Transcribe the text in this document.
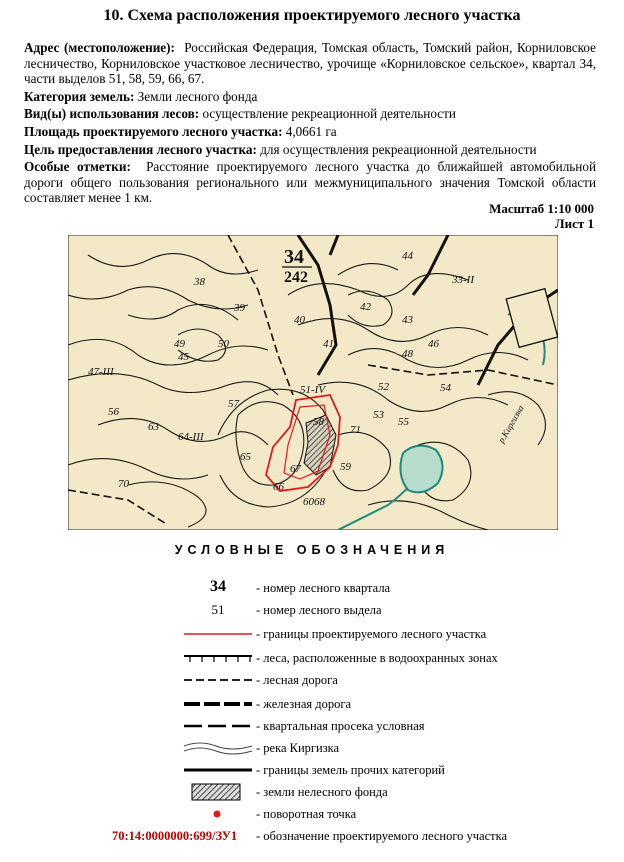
10. Схема расположения проектируемого лесного участка

Адрес (местоположение): Российская Федерация, Томская область, Томский район, Корниловское лесничество, Корниловское участковое лесничество, урочище «Корниловское сельское», квартал 34, части выделов 51, 58, 59, 66, 67.

Категория земель: Земли лесного фонда

Вид(ы) использования лесов: осуществление рекреационной деятельности

Площадь проектируемого лесного участка: 4,0661 га

Цель предоставления лесного участка: для осуществления рекреационной деятельности

Особые отметки: Расстояние проектируемого лесного участка до ближайшей автомобильной дороги общего пользования регионального или межмуниципального значения Томской области составляет менее 1 км.

Масштаб 1:10 000
Лист 1
34
242
51-IV	52
53
54
55
56
57
58
59
60
63
64-III
65
66
67
68
70
71
38
39
40
41
42
43
44
45
46
47-III
48
49	50
33-II
р.Киргизка
УСЛОВНЫЕ ОБОЗНАЧЕНИЯ
34	- номер лесного квартала
51	- номер лесного выдела
- границы проектируемого лесного участка
- леса, расположенные в водоохранных зонах
- лесная дорога
- железная дорога
- квартальная просека условная
- река Киргизка
- границы земель прочих категорий
- земли нелесного фонда
- поворотная точка
70:14:0000000:699/ЗУ1 - обозначение проектируемого лесного участка
